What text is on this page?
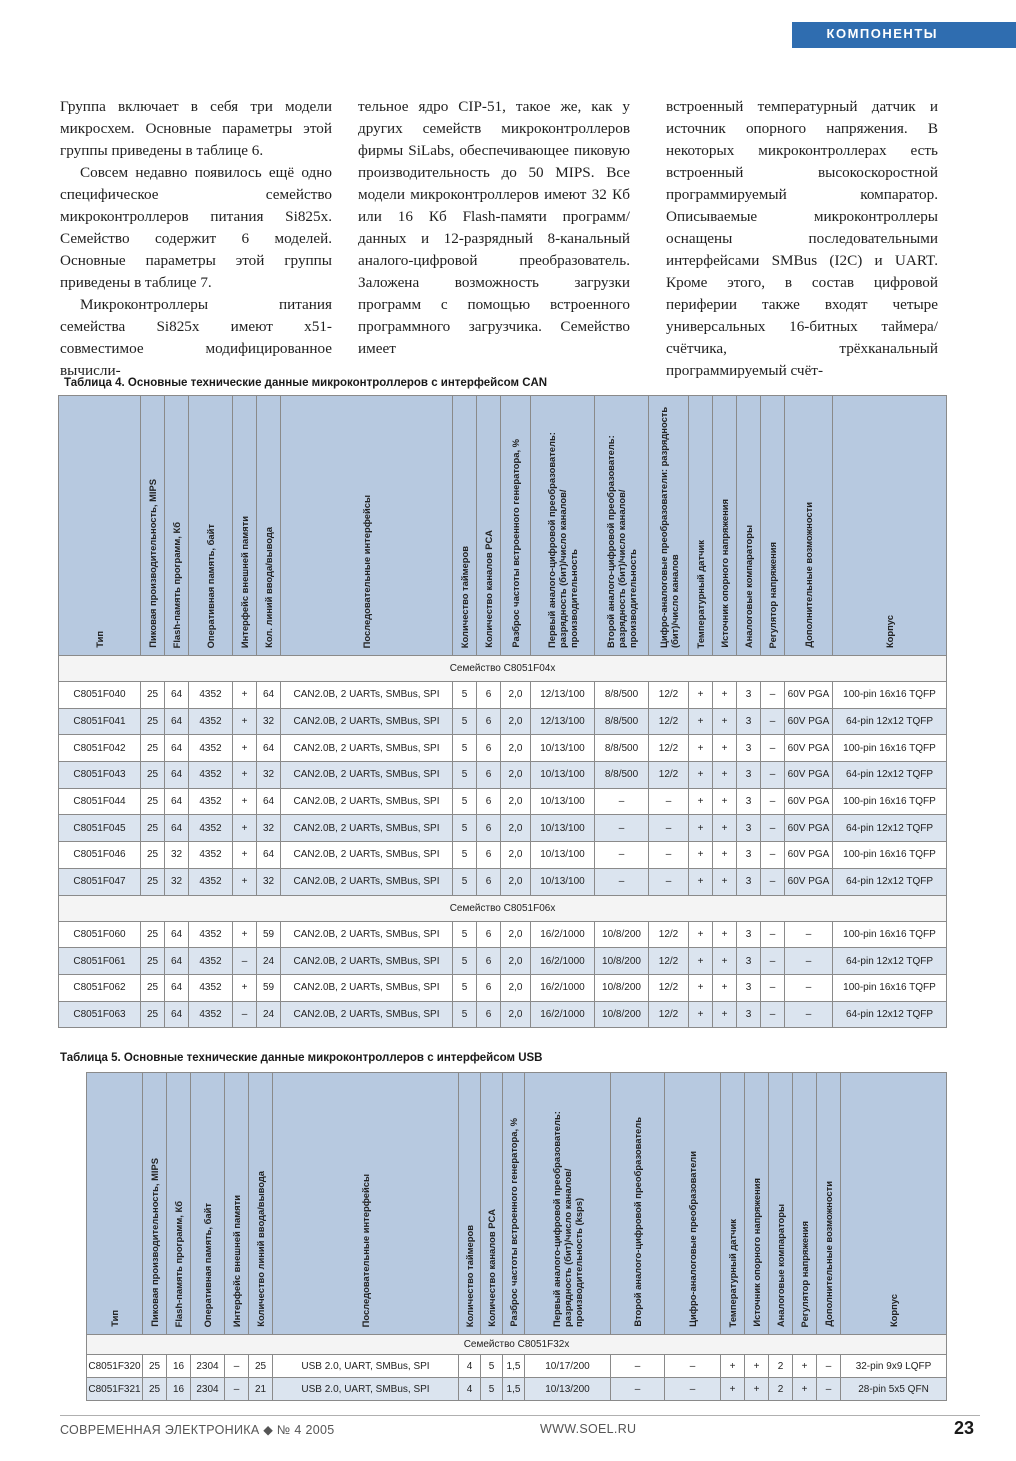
КОМПОНЕНТЫ

Группа включает в себя три модели микросхем. Основные параметры этой группы приведены в таблице 6.

Совсем недавно появилось ещё одно специфическое семейство микроконтроллеров питания Si825x. Семейство содержит 6 моделей. Основные параметры этой группы приведены в таблице 7.

Микроконтроллеры питания семейства Si825x имеют x51-совместимое модифицированное вычисли-

тельное ядро CIP-51, такое же, как у других семейств микроконтроллеров фирмы SiLabs, обеспечивающее пиковую производительность до 50 MIPS. Все модели микроконтроллеров имеют 32 Кб или 16 Кб Flash-памяти программ/данных и 12-разрядный 8-канальный аналого-цифровой преобразователь. Заложена возможность загрузки программ с помощью встроенного программного загрузчика. Семейство имеет

встроенный температурный датчик и источник опорного напряжения. В некоторых микроконтроллерах есть встроенный высокоскоростной программируемый компаратор. Описываемые микроконтроллеры оснащены последовательными интерфейсами SMBus (I2C) и UART. Кроме этого, в состав цифровой периферии также входят четыре универсальных 16-битных таймера/счётчика, трёхканальный программируемый счёт-

Таблица 4. Основные технические данные микроконтроллеров с интерфейсом CAN
Тип	Пиковая производительность, MIPS	Flash-память программ, Кб	Оперативная память, байт	Интерфейс внешней памяти	Кол. линий ввода/вывода	Последовательные интерфейсы	Количество таймеров	Количество каналов PCA	Разброс частоты встроенного генератора, %	Первый аналого-цифровой преобразователь: разрядность (бит)/число каналов/производительность	Второй аналого-цифровой преобразователь: разрядность (бит)/число каналов/производительность	Цифро-аналоговые преобразователи: разрядность (бит)/число каналов	Температурный датчик	Источник опорного напряжения	Аналоговые компараторы	Регулятор напряжения	Дополнительные возможности	Корпус
Семейство C8051F04x																		
C8051F040	25	64	4352	+	64	CAN2.0B, 2 UARTs, SMBus, SPI	5	6	2,0	12/13/100	8/8/500	12/2	+	+	3	–	60V PGA	100-pin 16x16 TQFP
C8051F041	25	64	4352	+	32	CAN2.0B, 2 UARTs, SMBus, SPI	5	6	2,0	12/13/100	8/8/500	12/2	+	+	3	–	60V PGA	64-pin 12x12 TQFP
C8051F042	25	64	4352	+	64	CAN2.0B, 2 UARTs, SMBus, SPI	5	6	2,0	10/13/100	8/8/500	12/2	+	+	3	–	60V PGA	100-pin 16x16 TQFP
C8051F043	25	64	4352	+	32	CAN2.0B, 2 UARTs, SMBus, SPI	5	6	2,0	10/13/100	8/8/500	12/2	+	+	3	–	60V PGA	64-pin 12x12 TQFP
C8051F044	25	64	4352	+	64	CAN2.0B, 2 UARTs, SMBus, SPI	5	6	2,0	10/13/100	–	–	+	+	3	–	60V PGA	100-pin 16x16 TQFP
C8051F045	25	64	4352	+	32	CAN2.0B, 2 UARTs, SMBus, SPI	5	6	2,0	10/13/100	–	–	+	+	3	–	60V PGA	64-pin 12x12 TQFP
C8051F046	25	32	4352	+	64	CAN2.0B, 2 UARTs, SMBus, SPI	5	6	2,0	10/13/100	–	–	+	+	3	–	60V PGA	100-pin 16x16 TQFP
C8051F047	25	32	4352	+	32	CAN2.0B, 2 UARTs, SMBus, SPI	5	6	2,0	10/13/100	–	–	+	+	3	–	60V PGA	64-pin 12x12 TQFP
Семейство C8051F06x																		
C8051F060	25	64	4352	+	59	CAN2.0B, 2 UARTs, SMBus, SPI	5	6	2,0	16/2/1000	10/8/200	12/2	+	+	3	–	–	100-pin 16x16 TQFP
C8051F061	25	64	4352	–	24	CAN2.0B, 2 UARTs, SMBus, SPI	5	6	2,0	16/2/1000	10/8/200	12/2	+	+	3	–	–	64-pin 12x12 TQFP
C8051F062	25	64	4352	+	59	CAN2.0B, 2 UARTs, SMBus, SPI	5	6	2,0	16/2/1000	10/8/200	12/2	+	+	3	–	–	100-pin 16x16 TQFP
C8051F063	25	64	4352	–	24	CAN2.0B, 2 UARTs, SMBus, SPI	5	6	2,0	16/2/1000	10/8/200	12/2	+	+	3	–	–	64-pin 12x12 TQFP
Таблица 5. Основные технические данные микроконтроллеров с интерфейсом USB
Тип	Пиковая производительность, MIPS	Flash-память программ, Кб	Оперативная память, байт	Интерфейс внешней памяти	Количество линий ввода/вывода	Последовательные интерфейсы	Количество таймеров	Количество каналов PCA	Разброс частоты встроенного генератора, %	Первый аналого-цифровой преобразователь: разрядность (бит)/число каналов/производительность (ksps)	Второй аналого-цифровой преобразователь	Цифро-аналоговые преобразователи	Температурный датчик	Источник опорного напряжения	Аналоговые компараторы	Регулятор напряжения	Дополнительные возможности	Корпус
Семейство C8051F32x																		
C8051F320	25	16	2304	–	25	USB 2.0, UART, SMBus, SPI	4	5	1,5	10/17/200	–	–	+	+	2	+	–	32-pin 9x9 LQFP
C8051F321	25	16	2304	–	21	USB 2.0, UART, SMBus, SPI	4	5	1,5	10/13/200	–	–	+	+	2	+	–	28-pin 5x5 QFN
СОВРЕМЕННАЯ ЭЛЕКТРОНИКА ◆ № 4 2005	WWW.SOEL.RU	23
